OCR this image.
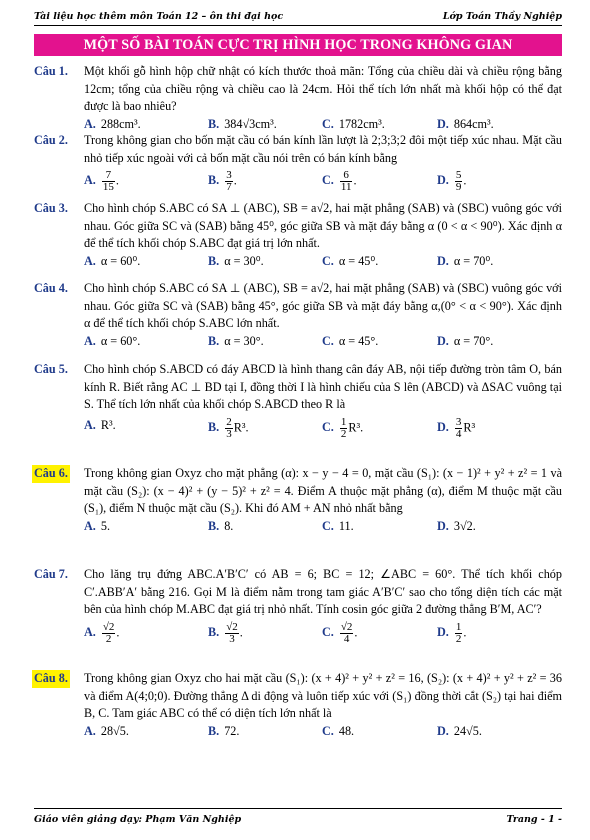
Tài liệu học thêm môn Toán 12 – ôn thi đại học	Lớp Toán Thầy Nghiệp
MỘT SỐ BÀI TOÁN CỰC TRỊ HÌNH HỌC TRONG KHÔNG GIAN
Câu 1. Một khối gỗ hình hộp chữ nhật có kích thước thoả mãn: Tổng của chiều dài và chiều rộng bằng 12cm; tổng của chiều rộng và chiều cao là 24cm. Hỏi thể tích lớn nhất mà khối hộp có thể đạt được là bao nhiêu?
A. 288cm³.	B. 384√3cm³.	C. 1782cm³.	D. 864cm³.
Câu 2. Trong không gian cho bốn mặt cầu có bán kính lần lượt là 2;3;3;2 đôi một tiếp xúc nhau. Mặt cầu nhỏ tiếp xúc ngoài với cả bốn mặt cầu nói trên có bán kính bằng
A. $\frac{7}{15}$ .	B. $\frac{3}{7}$ .	C. $\frac{6}{11}$ .	D. $\frac{5}{9}$ .
Câu 3. Cho hình chóp S.ABC có SA ⊥ (ABC), SB = a√2, hai mặt phẳng (SAB) và (SBC) vuông góc với nhau. Góc giữa SC và (SAB) bằng 45⁰, góc giữa SB và mặt đáy bằng α (0 < α < 90⁰). Xác định α để thể tích khối chóp S.ABC đạt giá trị lớn nhất.
A. α = 60⁰.	B. α = 30⁰.	C. α = 45⁰.	D. α = 70⁰.
Câu 4. Cho hình chóp S.ABC có SA ⊥ (ABC), SB = a√2, hai mặt phẳng (SAB) và (SBC) vuông góc với nhau. Góc giữa SC và (SAB) bằng 45°, góc giữa SB và mặt đáy bằng α,(0° < α < 90°). Xác định α để thể tích khối chóp S.ABC lớn nhất.
A. α = 60°.	B. α = 30°.	C. α = 45°.	D. α = 70°.
Câu 5. Cho hình chóp S.ABCD có đáy ABCD là hình thang cân đáy AB, nội tiếp đường tròn tâm O, bán kính R. Biết rằng AC ⊥ BD tại I, đồng thời I là hình chiếu của S lên (ABCD) và ΔSAC vuông tại S. Thể tích lớn nhất của khối chóp S.ABCD theo R là
A. R³.	B. $\frac{2}{3} R^3$.	C. $\frac{1}{2} R^3$.	D. $\frac{3}{4} R^3$
Câu 6. Trong không gian Oxyz cho mặt phẳng (α): x − y − 4 = 0, mặt cầu (S₁): (x − 1)² + y² + z² = 1 và mặt cầu (S₂): (x − 4)² + (y − 5)² + z² = 4. Điểm A thuộc mặt phẳng (α), điểm M thuộc mặt cầu (S₁), điểm N thuộc mặt cầu (S₂). Khi đó AM + AN nhỏ nhất bằng
A. 5.	B. 8.	C. 11.	D. 3√2.
Câu 7. Cho lăng trụ đứng ABC.A′B′C′ có AB = 6; BC = 12; ∠ABC = 60°. Thể tích khối chóp C′.ABB′A′ bằng 216. Gọi M là điểm nằm trong tam giác A′B′C′ sao cho tổng diện tích các mặt bên của hình chóp M.ABC đạt giá trị nhỏ nhất. Tính cosin góc giữa 2 đường thẳng B′M, AC′?
A. $\frac{√2}{2}$ .	B. $\frac{√2}{3}$ .	C. $\frac{√2}{4}$ .	D. $\frac{1}{2}$ .
Câu 8. Trong không gian Oxyz cho hai mặt cầu (S₁): (x + 4)² + y² + z² = 16, (S₂): (x + 4)² + y² + z² = 36 và điểm A(4;0;0). Đường thẳng Δ di động và luôn tiếp xúc với (S₁) đồng thời cắt (S₂) tại hai điểm B, C. Tam giác ABC có thể có diện tích lớn nhất là
A. 28√5.	B. 72.	C. 48.	D. 24√5.
Giáo viên giảng dạy: Phạm Văn Nghiệp	Trang - 1 -
